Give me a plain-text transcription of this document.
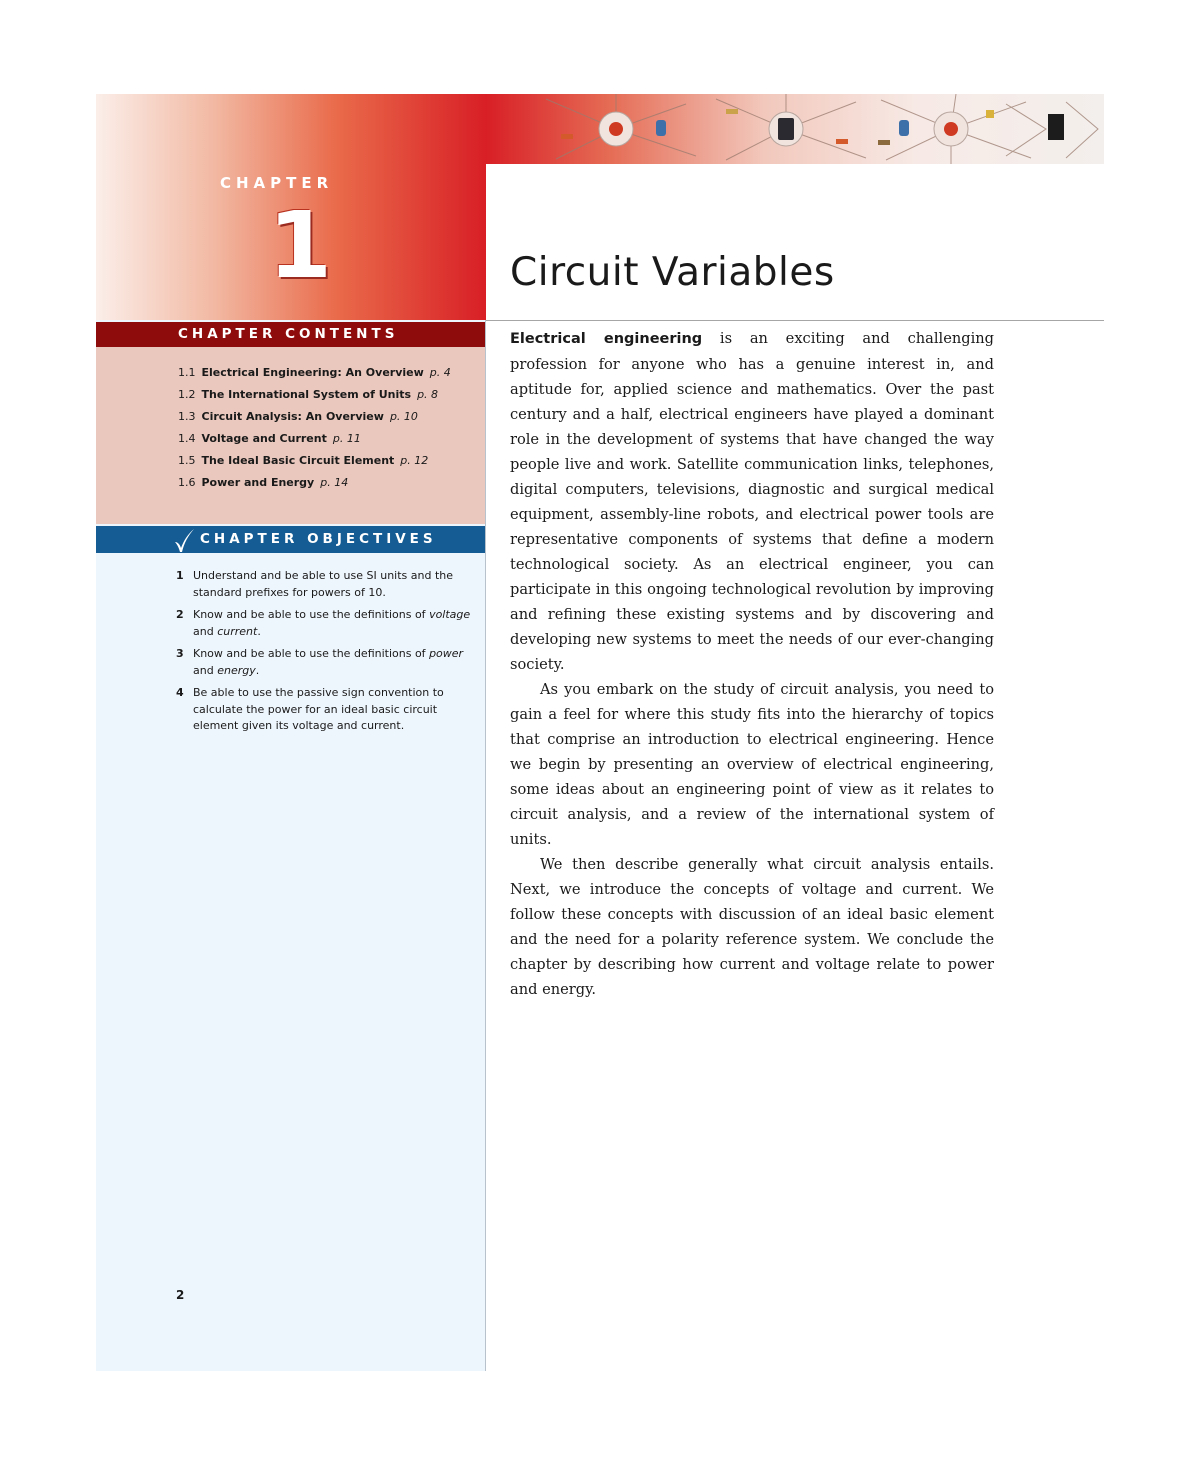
CHAPTER
1	Circuit Variables
CHAPTER CONTENTS
1.1 Electrical Engineering: An Overview p. 4
1.2 The International System of Units p. 8
1.3 Circuit Analysis: An Overview p. 10
1.4 Voltage and Current p. 11
1.5 The Ideal Basic Circuit Element p. 12
1.6 Power and Energy p. 14
CHAPTER OBJECTIVES
1 Understand and be able to use SI units and the standard prefixes for powers of 10.
2 Know and be able to use the definitions of voltage and current.
3 Know and be able to use the definitions of power and energy.
4 Be able to use the passive sign convention to calculate the power for an ideal basic circuit element given its voltage and current.
2

Electrical engineering is an exciting and challenging profession for anyone who has a genuine interest in, and aptitude for, applied science and mathematics. Over the past century and a half, electrical engineers have played a dominant role in the development of systems that have changed the way people live and work. Satellite communication links, telephones, digital computers, televisions, diagnostic and surgical medical equipment, assembly-line robots, and electrical power tools are representative components of systems that define a modern technological society. As an electrical engineer, you can participate in this ongoing technological revolution by improving and refining these existing systems and by discovering and developing new systems to meet the needs of our ever-changing society.

As you embark on the study of circuit analysis, you need to gain a feel for where this study fits into the hierarchy of topics that comprise an introduction to electrical engineering. Hence we begin by presenting an overview of electrical engineering, some ideas about an engineering point of view as it relates to circuit analysis, and a review of the international system of units.

We then describe generally what circuit analysis entails. Next, we introduce the concepts of voltage and current. We follow these concepts with discussion of an ideal basic element and the need for a polarity reference system. We conclude the chapter by describing how current and voltage relate to power and energy.
